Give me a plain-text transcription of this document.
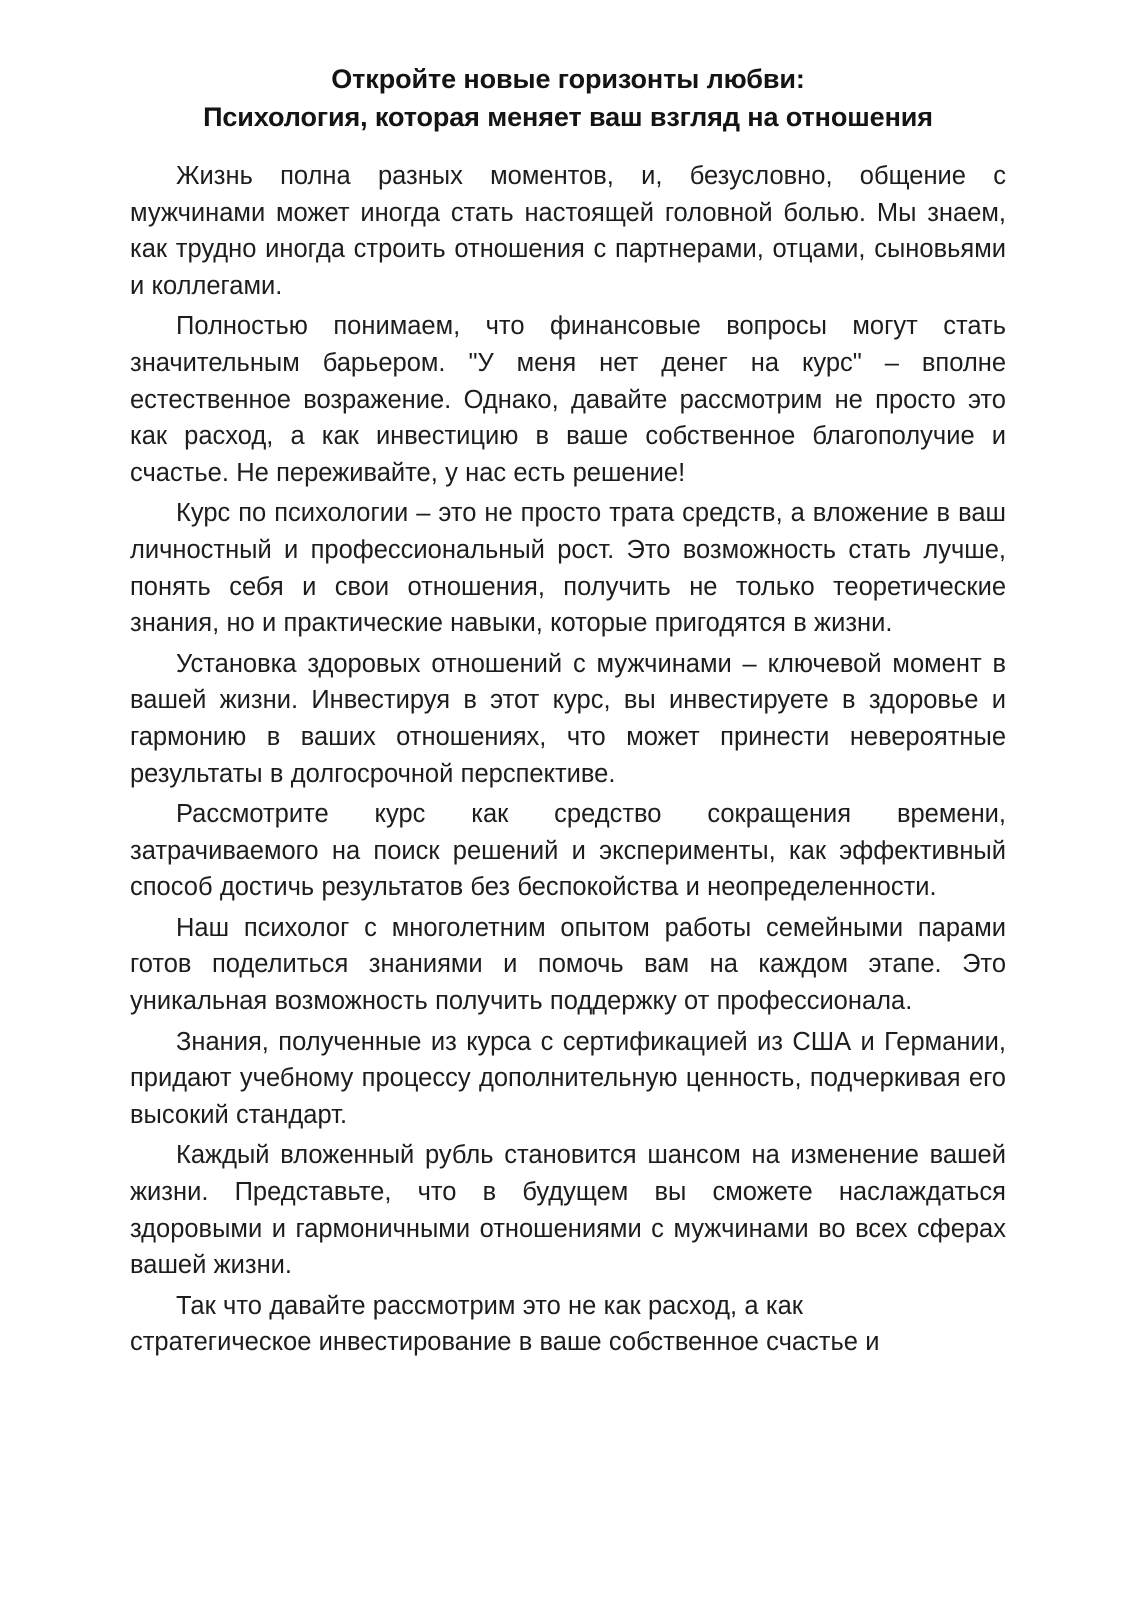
Откройте новые горизонты любви:
Психология, которая меняет ваш взгляд на отношения

Жизнь полна разных моментов, и, безусловно, общение с мужчинами может иногда стать настоящей головной болью. Мы знаем, как трудно иногда строить отношения с партнерами, отцами, сыновьями и коллегами.

Полностью понимаем, что финансовые вопросы могут стать значительным барьером. "У меня нет денег на курс" – вполне естественное возражение. Однако, давайте рассмотрим не просто это как расход, а как инвестицию в ваше собственное благополучие и счастье. Не переживайте, у нас есть решение!

Курс по психологии – это не просто трата средств, а вложение в ваш личностный и профессиональный рост. Это возможность стать лучше, понять себя и свои отношения, получить не только теоретические знания, но и практические навыки, которые пригодятся в жизни.

Установка здоровых отношений с мужчинами – ключевой момент в вашей жизни. Инвестируя в этот курс, вы инвестируете в здоровье и гармонию в ваших отношениях, что может принести невероятные результаты в долгосрочной перспективе.

Рассмотрите курс как средство сокращения времени, затрачиваемого на поиск решений и эксперименты, как эффективный способ достичь результатов без беспокойства и неопределенности.

Наш психолог с многолетним опытом работы семейными парами готов поделиться знаниями и помочь вам на каждом этапе. Это уникальная возможность получить поддержку от профессионала.

Знания, полученные из курса с сертификацией из США и Германии, придают учебному процессу дополнительную ценность, подчеркивая его высокий стандарт.

Каждый вложенный рубль становится шансом на изменение вашей жизни. Представьте, что в будущем вы сможете наслаждаться здоровыми и гармоничными отношениями с мужчинами во всех сферах вашей жизни.

Так что давайте рассмотрим это не как расход, а как
стратегическое инвестирование в ваше собственное счастье и
